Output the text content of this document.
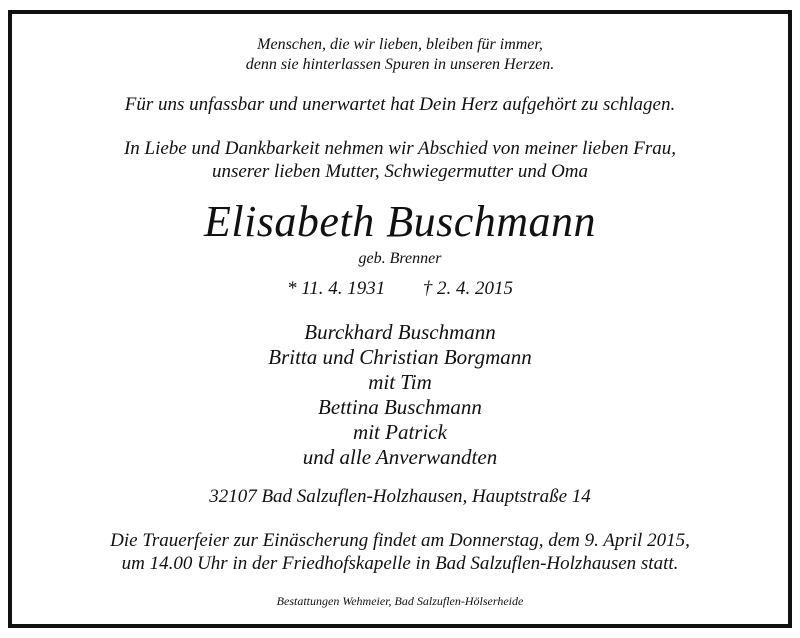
Menschen, die wir lieben, bleiben für immer,
denn sie hinterlassen Spuren in unseren Herzen.
Für uns unfassbar und unerwartet hat Dein Herz aufgehört zu schlagen.
In Liebe und Dankbarkeit nehmen wir Abschied von meiner lieben Frau,
unserer lieben Mutter, Schwiegermutter und Oma
Elisabeth Buschmann
geb. Brenner
* 11. 4. 1931 † 2. 4. 2015
Burckhard Buschmann
Britta und Christian Borgmann
mit Tim
Bettina Buschmann
mit Patrick
und alle Anverwandten
32107 Bad Salzuflen-Holzhausen, Hauptstraße 14
Die Trauerfeier zur Einäscherung findet am Donnerstag, dem 9. April 2015,
um 14.00 Uhr in der Friedhofskapelle in Bad Salzuflen-Holzhausen statt.
Bestattungen Wehmeier, Bad Salzuflen-Hölserheide
